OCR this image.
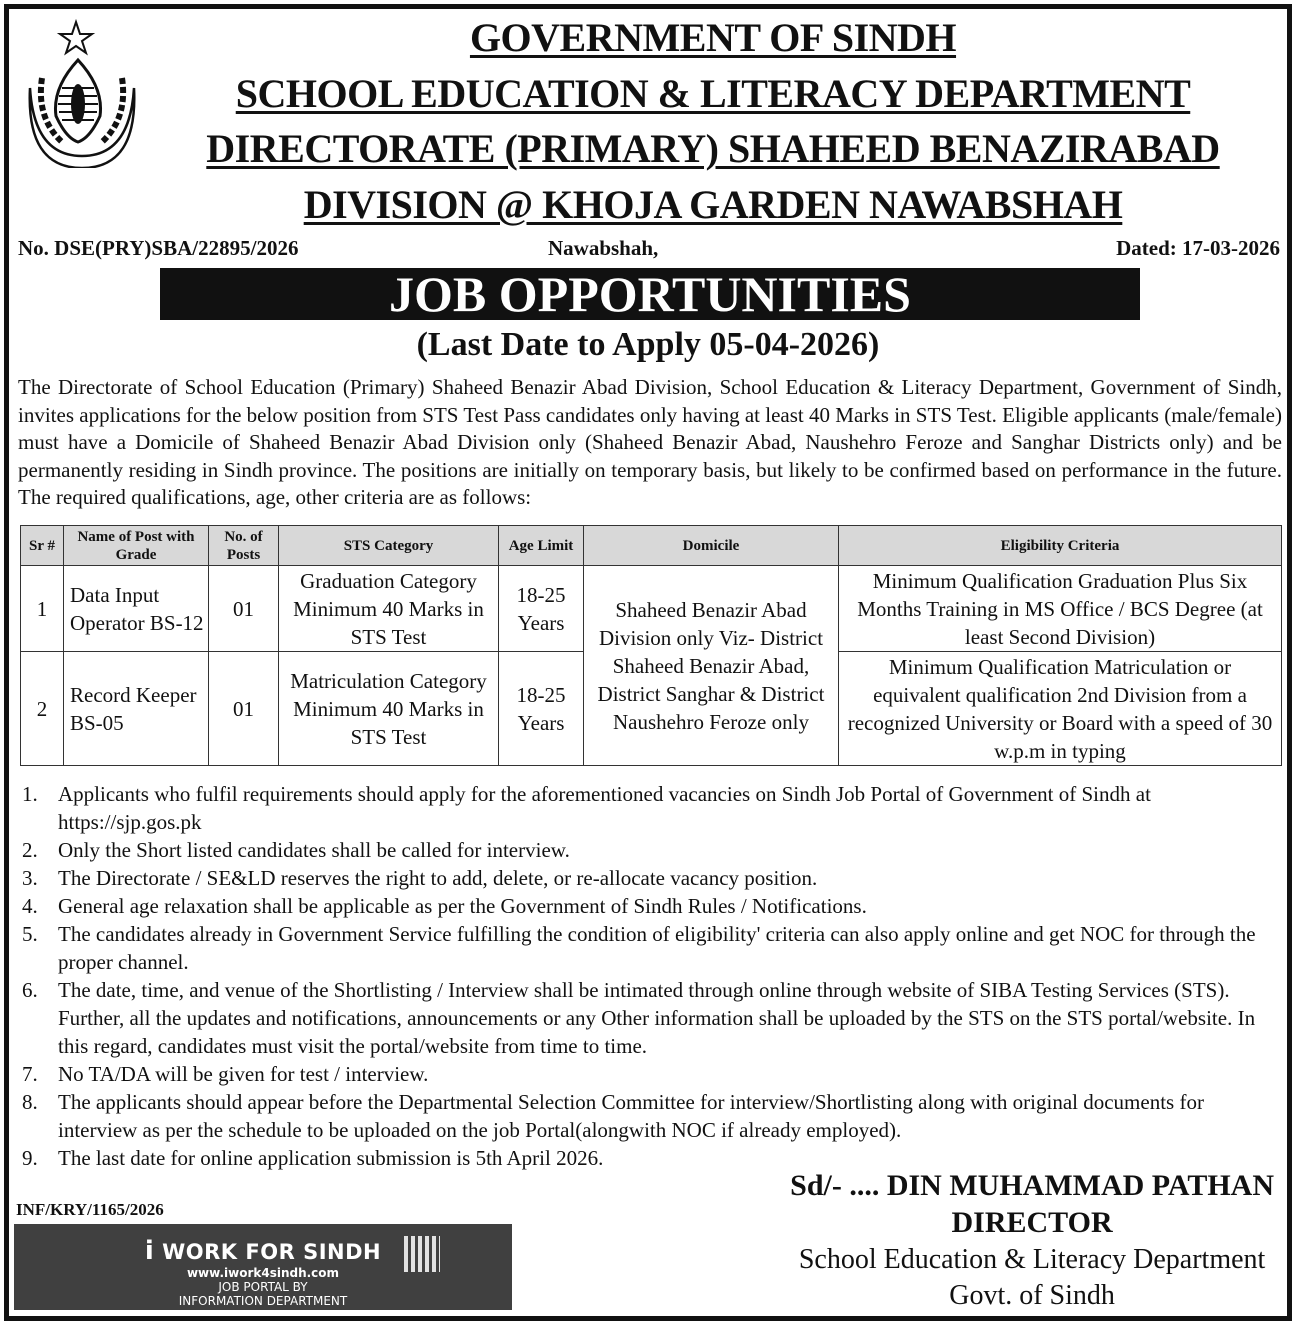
GOVERNMENT OF SINDH
SCHOOL EDUCATION & LITERACY DEPARTMENT
DIRECTORATE (PRIMARY) SHAHEED BENAZIRABAD
DIVISION @ KHOJA GARDEN NAWABSHAH
No. DSE(PRY)SBA/22895/2026	Nawabshah,	Dated: 17-03-2026
JOB OPPORTUNITIES
(Last Date to Apply 05-04-2026)
The Directorate of School Education (Primary) Shaheed Benazir Abad Division, School Education & Literacy Department, Government of Sindh, invites applications for the below position from STS Test Pass candidates only having at least 40 Marks in STS Test. Eligible applicants (male/female) must have a Domicile of Shaheed Benazir Abad Division only (Shaheed Benazir Abad, Naushehro Feroze and Sanghar Districts only) and be permanently residing in Sindh province. The positions are initially on temporary basis, but likely to be confirmed based on performance in the future. The required qualifications, age, other criteria are as follows:
Sr #	Name of Post with Grade	No. of Posts	STS Category	Age Limit	Domicile	Eligibility Criteria
1	Data Input Operator BS-12	01	Graduation Category Minimum 40 Marks in STS Test	18-25 Years	Shaheed Benazir Abad Division only Viz- District Shaheed Benazir Abad, District Sanghar & District Naushehro Feroze only	Minimum Qualification Graduation Plus Six Months Training in MS Office / BCS Degree (at least Second Division)
2	Record Keeper BS-05	01	Matriculation Category Minimum 40 Marks in STS Test	18-25 Years		Minimum Qualification Matriculation or equivalent qualification 2nd Division from a recognized University or Board with a speed of 30 w.p.m in typing
1. Applicants who fulfil requirements should apply for the aforementioned vacancies on Sindh Job Portal of Government of Sindh at https://sjp.gos.pk
2. Only the Short listed candidates shall be called for interview.
3. The Directorate / SE&LD reserves the right to add, delete, or re-allocate vacancy position.
4. General age relaxation shall be applicable as per the Government of Sindh Rules / Notifications.
5. The candidates already in Government Service fulfilling the condition of eligibility' criteria can also apply online and get NOC for through the proper channel.
6. The date, time, and venue of the Shortlisting / Interview shall be intimated through online through website of SIBA Testing Services (STS). Further, all the updates and notifications, announcements or any Other information shall be uploaded by the STS on the STS portal/website. In this regard, candidates must visit the portal/website from time to time.
7. No TA/DA will be given for test / interview.
8. The applicants should appear before the Departmental Selection Committee for interview/Shortlisting along with original documents for interview as per the schedule to be uploaded on the job Portal(alongwith NOC if already employed).
9. The last date for online application submission is 5th April 2026.
Sd/- .... DIN MUHAMMAD PATHAN
DIRECTOR
School Education & Literacy Department
Govt. of Sindh
INF/KRY/1165/2026
i WORK FOR SINDH
www.iwork4sindh.com
JOB PORTAL BY
INFORMATION DEPARTMENT
